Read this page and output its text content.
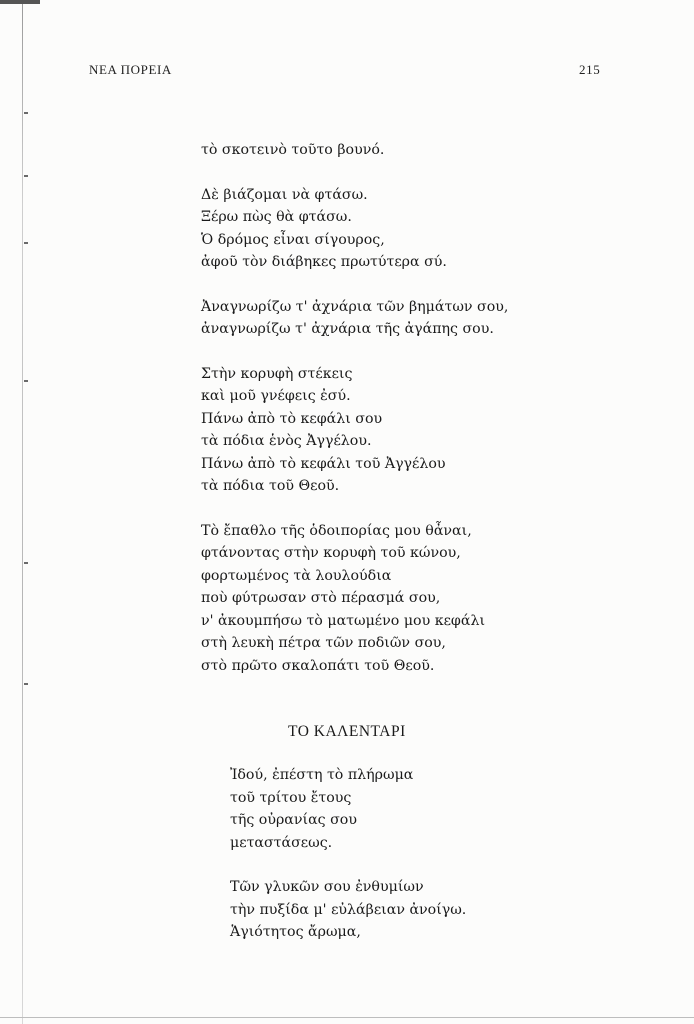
ΝΕΑ ΠΟΡΕΙΑ	215
τὸ σκοτεινὸ τοῦτο βουνό.
Δὲ βιάζομαι νὰ φτάσω.
Ξέρω πὼς θὰ φτάσω.
Ὁ δρόμος εἶναι σίγουρος,
ἀφοῦ τὸν διάβηκες πρωτύτερα σύ.
Ἀναγνωρίζω τ' ἀχνάρια τῶν βημάτων σου,
ἀναγνωρίζω τ' ἀχνάρια τῆς ἀγάπης σου.
Στὴν κορυφὴ στέκεις
καὶ μοῦ γνέφεις ἐσύ.
Πάνω ἀπὸ τὸ κεφάλι σου
τὰ πόδια ἑνὸς Ἀγγέλου.
Πάνω ἀπὸ τὸ κεφάλι τοῦ Ἀγγέλου
τὰ πόδια τοῦ Θεοῦ.
Τὸ ἔπαθλο τῆς ὁδοιπορίας μου θἆναι,
φτάνοντας στὴν κορυφὴ τοῦ κώνου,
φορτωμένος τὰ λουλούδια
ποὺ φύτρωσαν στὸ πέρασμά σου,
ν' ἀκουμπήσω τὸ ματωμένο μου κεφάλι
στὴ λευκὴ πέτρα τῶν ποδιῶν σου,
στὸ πρῶτο σκαλοπάτι τοῦ Θεοῦ.
ΤΟ ΚΑΛΕΝΤΑΡΙ
Ἰδού, ἐπέστη τὸ πλήρωμα
τοῦ τρίτου ἔτους
τῆς οὐρανίας σου
μεταστάσεως.
Τῶν γλυκῶν σου ἐνθυμίων
τὴν πυξίδα μ' εὐλάβειαν ἀνοίγω.
Ἁγιότητος ἄρωμα,
